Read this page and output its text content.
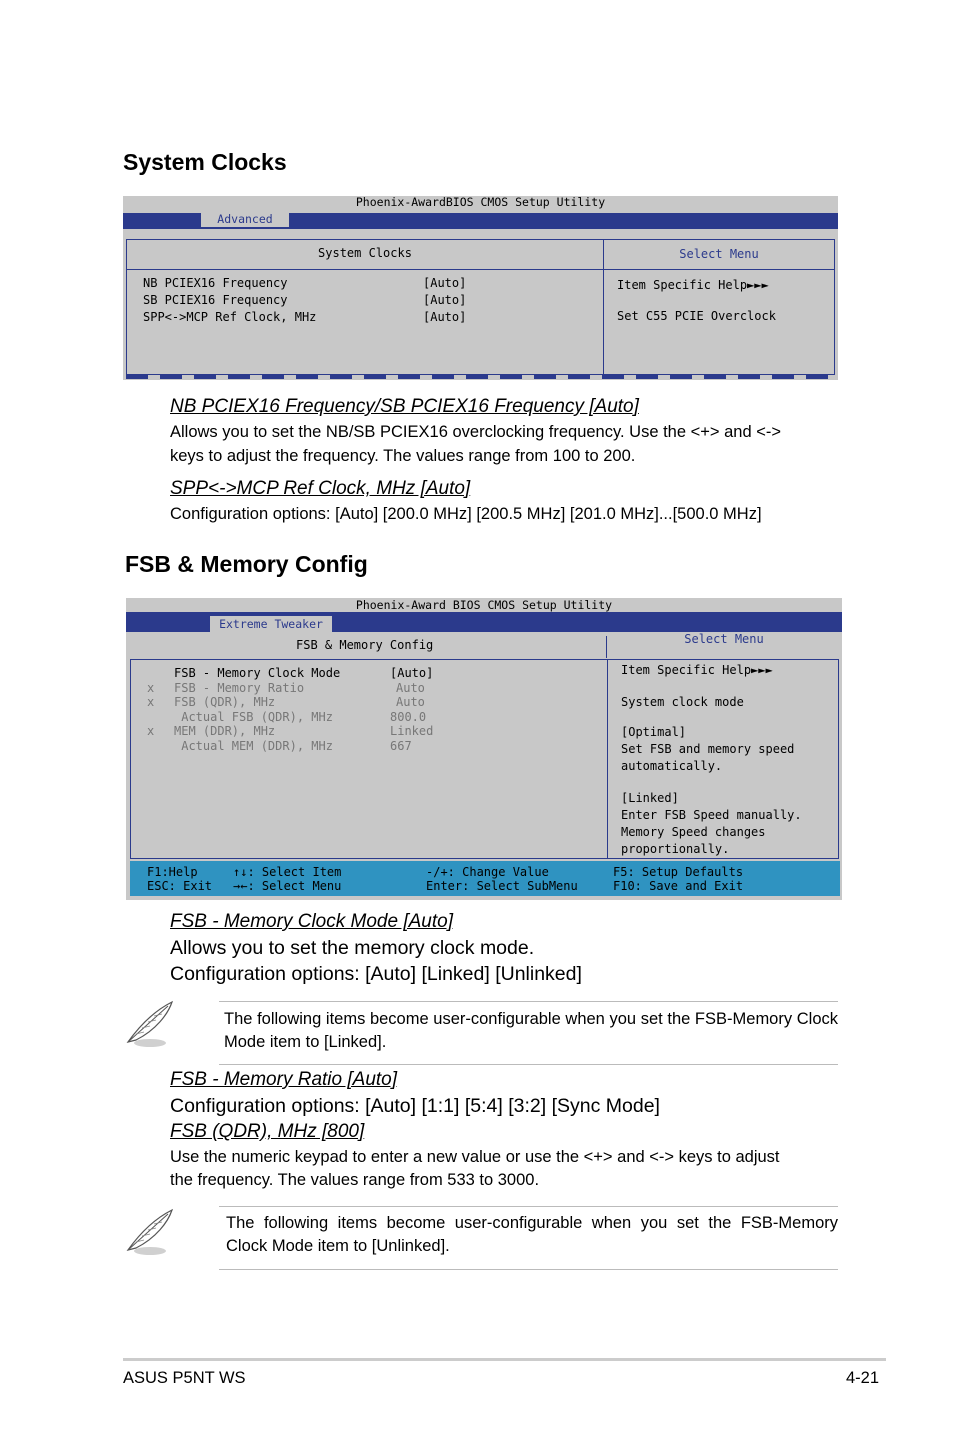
System Clocks
Phoenix-AwardBIOS CMOS Setup Utility
Advanced
System Clocks
NB PCIEX16 Frequency	[Auto]
SB PCIEX16 Frequency	[Auto]
SPP<->MCP Ref Clock, MHz	[Auto]
Select Menu
Item Specific Help►►►
Set C55 PCIE Overclock
NB PCIEX16 Frequency/SB PCIEX16 Frequency [Auto]
Allows you to set the NB/SB PCIEX16 overclocking frequency. Use the <+> and <->
keys to adjust the frequency. The values range from 100 to 200.
SPP<->MCP Ref Clock, MHz [Auto]
Configuration options: [Auto] [200.0 MHz] [200.5 MHz] [201.0 MHz]...[500.0 MHz]
FSB & Memory Config
Phoenix-Award BIOS CMOS Setup Utility
Extreme Tweaker
FSB & Memory Config	Select Menu
FSB - Memory Clock Mode	[Auto]
x FSB - Memory Ratio	Auto
x FSB (QDR), MHz	Auto
Actual FSB (QDR), MHz	800.0
x MEM (DDR), MHz	Linked
Actual MEM (DDR), MHz	667
Item Specific Help►►►
System clock mode
[Optimal]
Set FSB and memory speed
automatically.
[Linked]
Enter FSB Speed manually.
Memory Speed changes
proportionally.

F1:Help

	↑↓: Select Item

	-/+: Change Value

	F5: Setup Defaults

ESC: Exit

→←: Select Menu

	Enter: Select SubMenu

	F10: Save and Exit

FSB - Memory Clock Mode [Auto]
Allows you to set the memory clock mode.
Configuration options: [Auto] [Linked] [Unlinked]
The following items become user-configurable when you set the FSB-Memory Clock Mode item to [Linked].
FSB - Memory Ratio [Auto]
Configuration options: [Auto] [1:1] [5:4] [3:2] [Sync Mode]
FSB (QDR), MHz [800]
Use the numeric keypad to enter a new value or use the <+> and <-> keys to adjust
the frequency. The values range from 533 to 3000.
The following items become user-configurable when you set the FSB-Memory Clock Mode item to [Unlinked].
ASUS P5NT WS	4-21
